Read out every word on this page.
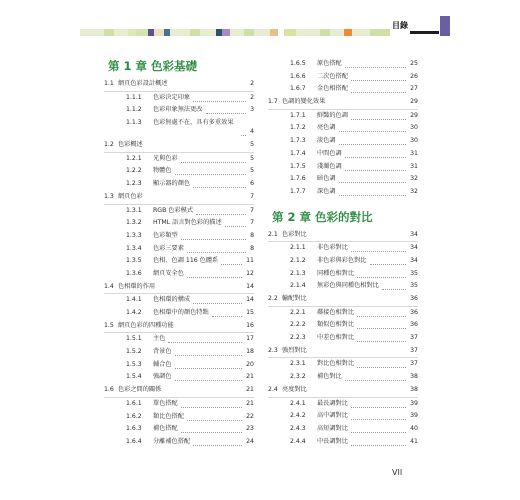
目錄
第 1 章 色彩基礎
1.1 網頁色彩設計概述	2
1.1.1 色彩決定印象	2
1.1.2 色彩印象無法更改	3
1.1.3 色彩無處不在，具有多重效果
4
1.2 色彩概述	5
1.2.1 光與色彩	5
1.2.2 物體色	5
1.2.3 顯示器的顏色	6
1.3 網頁色彩	7
1.3.1 RGB 色彩模式	7
1.3.2 HTML 語言對色彩的描述	7
1.3.3 色彩類型	8
1.3.4 色彩三要素	8
1.3.5 色相、色調 116 色體系	11
1.3.6 網頁安全色	12
1.4 色相環的作用	14
1.4.1 色相環的構成	14
1.4.2 色相環中的顏色特點	15
1.5 網頁色彩的四種功能	16
1.5.1 主色	17
1.5.2 背景色	18
1.5.3 輔合色	20
1.5.4 強調色	21
1.6 色彩之間的關係	21
1.6.1 單色搭配	21
1.6.2 類比色搭配	22
1.6.3 補色搭配	23
1.6.4 分離補色搭配	24
1.6.5 原色搭配	25
1.6.6 二次色搭配	26
1.6.7 金色相搭配	27
1.7 色調的變化效果	29
1.7.1 鮮豔的色調	29
1.7.2 亮色調	30
1.7.3 淡色調	30
1.7.4 中間色調	31
1.7.5 淺濁色調	31
1.7.6 暗色調	32
1.7.7 深色調	32
第 2 章 色彩的對比
2.1 色彩對比	34
2.1.1 非色彩對比	34
2.1.2 非色彩與彩色對比	34
2.1.3 同種色相對比	35
2.1.4 無彩色與同種色相對比	35
2.2 輸配對比	36
2.2.1 鄰接色相對比	36
2.2.2 類似色相對比	36
2.2.3 中差色相對比	37
2.3 強烈對比	37
2.3.1 對比色相對比	37
2.3.2 補色對比	38
2.4 亮度對比	38
2.4.1 最長調對比	39
2.4.2 高中調對比	39
2.4.3 高短調對比	40
2.4.4 中長調對比	41
VII
